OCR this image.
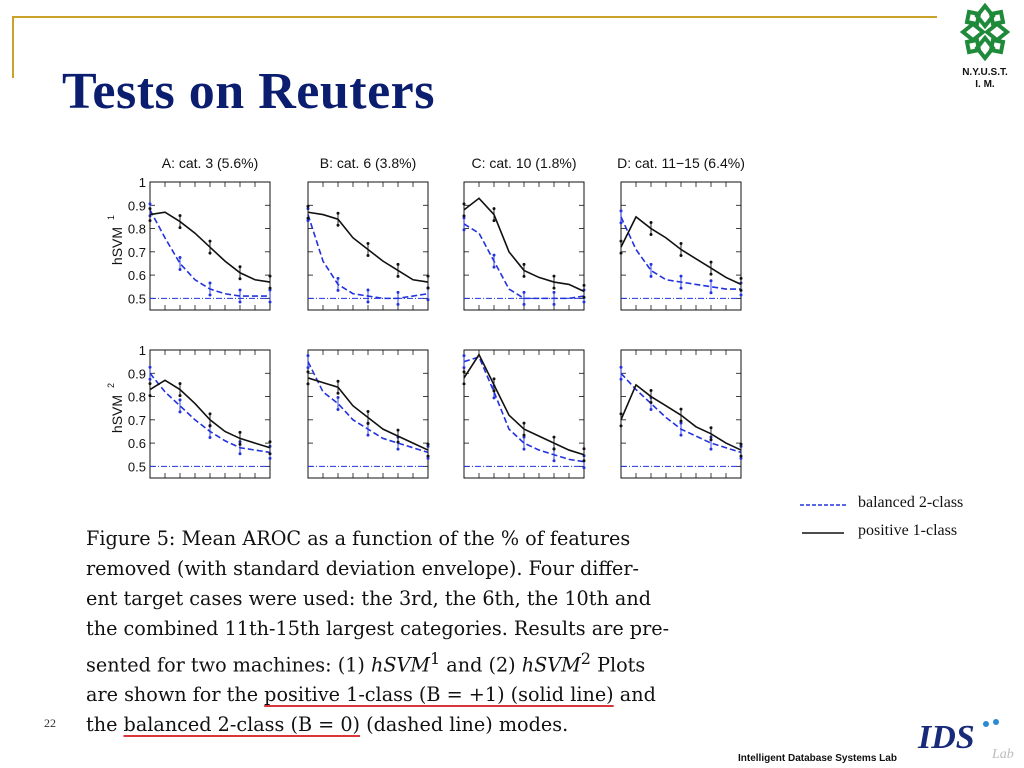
Tests on Reuters	N.Y.U.S.T.
I. M.
A: cat. 3 (5.6%)	B: cat. 6 (3.8%)	C: cat. 10 (1.8%)	D: cat. 11−15 (6.4%)
1
0.9
0.8
0.7
0.6
0.5
1
0.9
0.8
0.7
0.6
0.5
hSVM
1
hSVM
2
balanced 2-class
positive 1-class
Figure 5: Mean AROC as a function of the % of features
removed (with standard deviation envelope). Four differ-
ent target cases were used: the 3rd, the 6th, the 10th and
the combined 11th-15th largest categories. Results are pre-
sented for two machines: (1) hSVM$^1$ and (2) hSVM$^2$ Plots
are shown for the positive 1-class (B = +1) (solid line) and
the balanced 2-class (B = 0) (dashed line) modes.
22	IDS Lab
Intelligent Database Systems Lab
